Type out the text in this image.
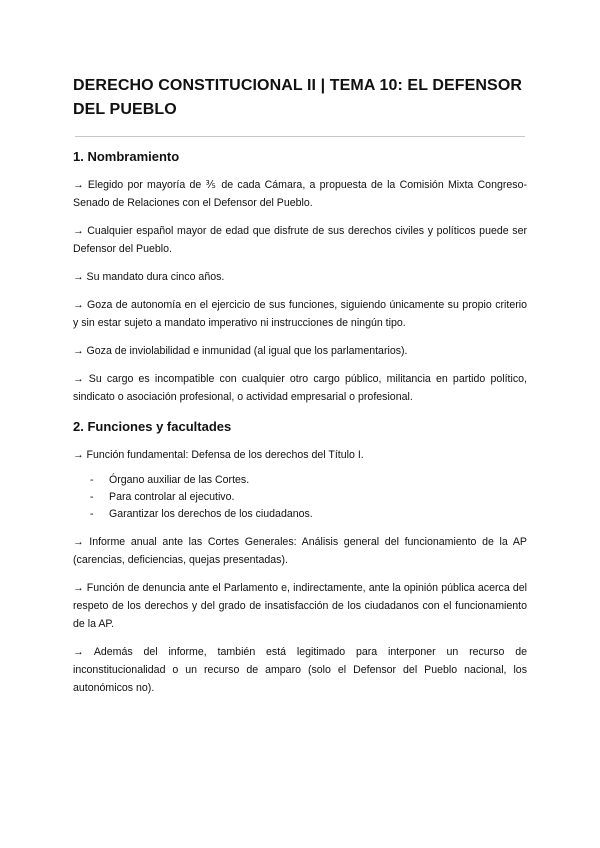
DERECHO CONSTITUCIONAL II | TEMA 10: EL DEFENSOR DEL PUEBLO
1. Nombramiento

→ Elegido por mayoría de ⅗ de cada Cámara, a propuesta de la Comisión Mixta Congreso-Senado de Relaciones con el Defensor del Pueblo.

→ Cualquier español mayor de edad que disfrute de sus derechos civiles y políticos puede ser Defensor del Pueblo.

→ Su mandato dura cinco años.

→ Goza de autonomía en el ejercicio de sus funciones, siguiendo únicamente su propio criterio y sin estar sujeto a mandato imperativo ni instrucciones de ningún tipo.

→ Goza de inviolabilidad e inmunidad (al igual que los parlamentarios).

→ Su cargo es incompatible con cualquier otro cargo público, militancia en partido político, sindicato o asociación profesional, o actividad empresarial o profesional.

2. Funciones y facultades

→ Función fundamental: Defensa de los derechos del Título I.

- Órgano auxiliar de las Cortes.
- Para controlar al ejecutivo.
- Garantizar los derechos de los ciudadanos.

→ Informe anual ante las Cortes Generales: Análisis general del funcionamiento de la AP (carencias, deficiencias, quejas presentadas).

→ Función de denuncia ante el Parlamento e, indirectamente, ante la opinión pública acerca del respeto de los derechos y del grado de insatisfacción de los ciudadanos con el funcionamiento de la AP.

→ Además del informe, también está legitimado para interponer un recurso de inconstitucionalidad o un recurso de amparo (solo el Defensor del Pueblo nacional, los autonómicos no).
